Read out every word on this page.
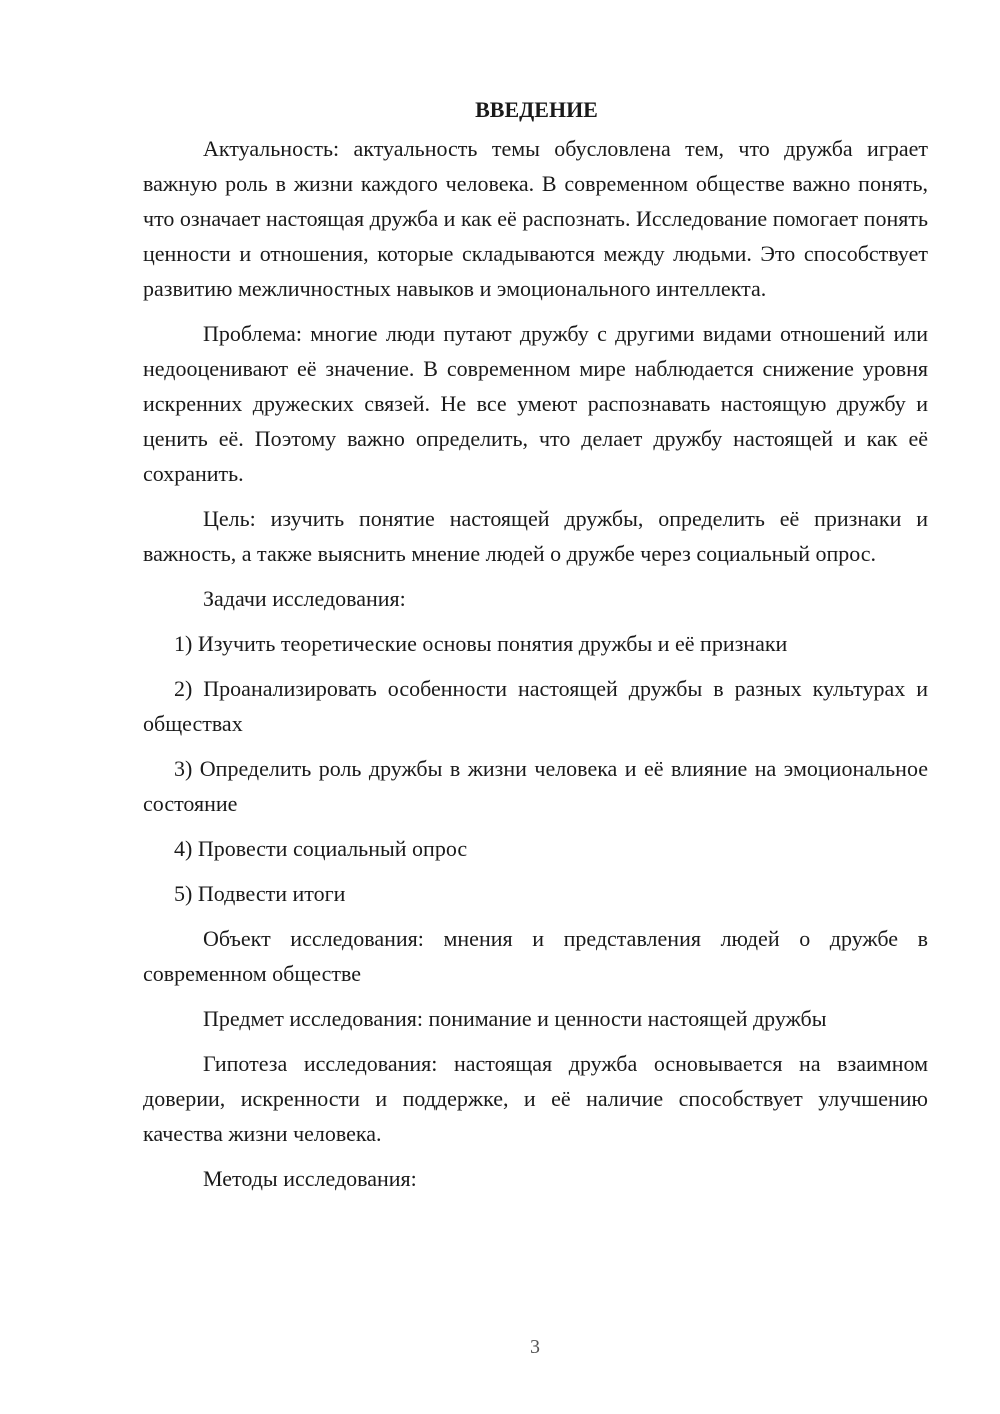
ВВЕДЕНИЕ

Актуальность: актуальность темы обусловлена тем, что дружба играет важную роль в жизни каждого человека. В современном обществе важно понять, что означает настоящая дружба и как её распознать. Исследование помогает понять ценности и отношения, которые складываются между людьми. Это способствует развитию межличностных навыков и эмоционального интеллекта.

Проблема: многие люди путают дружбу с другими видами отношений или недооценивают её значение. В современном мире наблюдается снижение уровня искренних дружеских связей. Не все умеют распознавать настоящую дружбу и ценить её. Поэтому важно определить, что делает дружбу настоящей и как её сохранить.

Цель: изучить понятие настоящей дружбы, определить её признаки и важность, а также выяснить мнение людей о дружбе через социальный опрос.

Задачи исследования:

1) Изучить теоретические основы понятия дружбы и её признаки

2) Проанализировать особенности настоящей дружбы в разных культурах и обществах

3) Определить роль дружбы в жизни человека и её влияние на эмоциональное состояние

4) Провести социальный опрос

5) Подвести итоги

Объект исследования: мнения и представления людей о дружбе в современном обществе

Предмет исследования: понимание и ценности настоящей дружбы

Гипотеза исследования: настоящая дружба основывается на взаимном доверии, искренности и поддержке, и её наличие способствует улучшению качества жизни человека.

Методы исследования:

3
